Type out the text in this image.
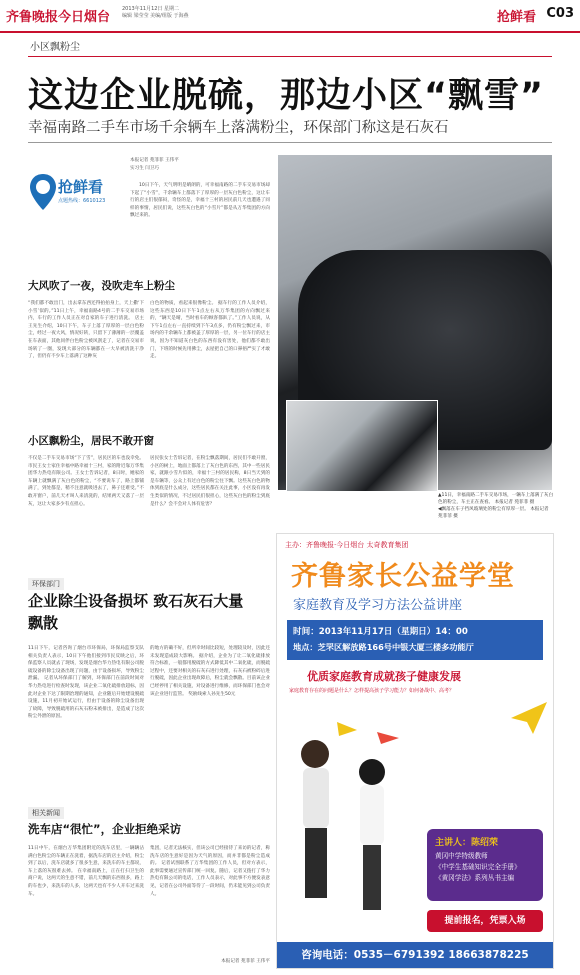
齐鲁晚报 今日烟台
2013年11月12日 星期二
编辑 梁莹莹 美编/组版 于海燕	抢鲜看 C03
小区飘粉尘
这边企业脱硫，那边小区“飘雪”
幸福南路二手车市场千余辆车上落满粉尘，环保部门称这是石灰石
抢鲜看
点题热线：6610123
本报记者 苑菲菲 王伟平
实习生 闫卫巧
10日下午，天气明明是晴朗的，可幸福南路的二手车交易市场却下起了“小雪”，千余辆车上都落下了厚厚的一层灰白色粉尘，这让车行的店主们很郁闷，奇怪的是，幸福十三村的居民前几天也遭遇了同样的事情，居民们说，这些灰白色的“小雪片”都是从万华集团的方向飘过来的。
大风吹了一夜，没吹走车上粉尘
“我们都不敢出门，出去拿东西还得拍拍身上，天上撒‘下小雪’似的。”11日上午，幸福南路4号的二手车交易市场内，车行的工作人员正在对自家的车子进行清洗。 店主王先生介绍，10日下午，车子上落了厚厚的一层白色粉尘，经过一夜大风，情况好转，只留下了薄薄的一层覆盖在车表面，其他同伴白色粉尘被风刮走了，记者在交易市场转了一圈，发现大部分的车辆都在一大早被清洗干净了，但仍有不少车上落满了这种灰
白色的物质，看起来很像粉尘。 据车行的工作人员介绍，这些东西是10日下午1点左右从万华集团的方向飘过来的，“辆天是晴，当时看车的顾客都趴了。”工作人员说，从下午1点左右一直持续到下午3点多，仍有粉尘飘过来，市场内的千余辆车上都被盖了厚厚的一层，另一位车行的店主说，因为不知道灰白色的东西有没有害处，他们都不敢出门，下班的时候先用拂尘，去屋把自己的口鼻捂严实了才敢走。
小区飘粉尘，居民不敢开窗
不仅是二手车交易市场“下了雪”，居民区的车也没幸免。市民王女士家住幸福中路幸福十三村，家的附近靠万华集团华力热电有限公司。王女士告诉记者，8日时，她家的车辆上就飘满了灰白色的粉尘，“不要说车了，路上都铺满了，到处都是，稍不注意就吸进去了，鼻子还难受。”不敢开窗户，前几天才叫人来清洗的，结果两天又落了一层灰，这让大家多少有点担心。
居民张女士告诉记者，在粉尘飘落期间，居民们不敢开窗，小区的树上，地面上都落上了灰白色的东西，其中一些居民家，就跟小雪片似的，幸福十三村的居民称，8日当天到的是车辆等，公众上有过白色的粉尘往下飘。这些灰白色的物体到底是什么成分，这些居民都在关注此事，小区没有再发生类似的情况，不过居民们很担心，这些灰白色的粉尘到底是什么？会不会对人体有危害？
环保部门
企业除尘设备损坏 致石灰石大量飘散
11日下午，记者咨询了烟台市环保局，环保局监察支队相关负责人表示，10日下午他们接到市民反映之后，环保监察人员就去了现场，发现是烟台华力热电有限公司脱硫设备的除尘设备出现了问题，由于设备损坏，导致粉尘泄漏。 记者从环保部门了解到，环保部门在前段时间对华力热电进行检查时发现，该企业二氧化硫排放超标，因此对企业下达了限期治理的通知，企业随后开始建设脱硫设施，11月初开始试运行，但由于设备的除尘设备出现了故障，导致脱硫用的石灰石粉末被排出，是造成了这次粉尘外泄的原因。
的地方的确不好，但所幸时间比较短，处理较及时，因此还未发现造成较大影响。 据介绍，企业为了让二氧化硫排放符合标准，一般都用脱硫的方式降低其中二氧化硫，而脱硫过程中，还要对相关的石灰石进行处理，石灰石被粉碎后进行脱硫，因此企业出现故障后，粉尘就会飘散。目前该企业已经停用了相关设施，对设备进行维修，而环保部门也会对该企业进行监管。 奖励线索人孙先生50元
相关新闻
洗车店“很忙”，企业拒绝采访
11日中午，在烟台万华集团附近的洗车店里，一辆辆沾满白色粉尘的车辆正在洗着，据洗车店的店主介绍，粉尘到了以后，洗车店就多了很多生意，来洗车的车主都说，车上落的灰很难去掉。 在幸福南路上，正在打扫卫生的商户说，这两天的生意不错，前几天飘的东西很多，路上的车也少，来洗车的人多，这两天也有不少人开车过来洗车。
集团，记者无法核实，但该公司已经接待了来访的记者，称洗车店的生意好是因为天气的原因，而并非都是粉尘造成的。 记者试图联系了万华集团的工作人员，但对方表示，此事需要通过宣传部门统一回复。随后，记者又拨打了华力热电有限公司的电话，工作人员表示，对此事不方便发表意见，记者在公司外面等待了一段时间，仍未能见到公司负责人。
本报记者 苑菲菲 王伟平
▲11日，幸福南路二手车交易市场，一辆车上落满了灰白色的粉尘，车主正在查看。 本报记者 苑菲菲 摄
◀飘落在车子挡风玻璃处的粉尘有厚厚一层。 本报记者 苑菲菲 摄
主办：齐鲁晚报·今日烟台 太奇教育集团
齐鲁家长公益学堂
家庭教育及学习方法公益讲座
时间：2013年11月17日（星期日）14：00
地点：芝罘区解放路166号中银大厦三楼多功能厅
优质家庭教育成就孩子健康发展
家庭教育存在的问题是什么？怎样提高孩子学习能力？如何备战中、高考？
主讲人：陈绍荣
黄冈中学特级教师
《中学生基础知识完全手册》
《黄冈学法》系列丛书主编
提前报名，凭票入场
咨询电话：0535－6791392 18663878225
